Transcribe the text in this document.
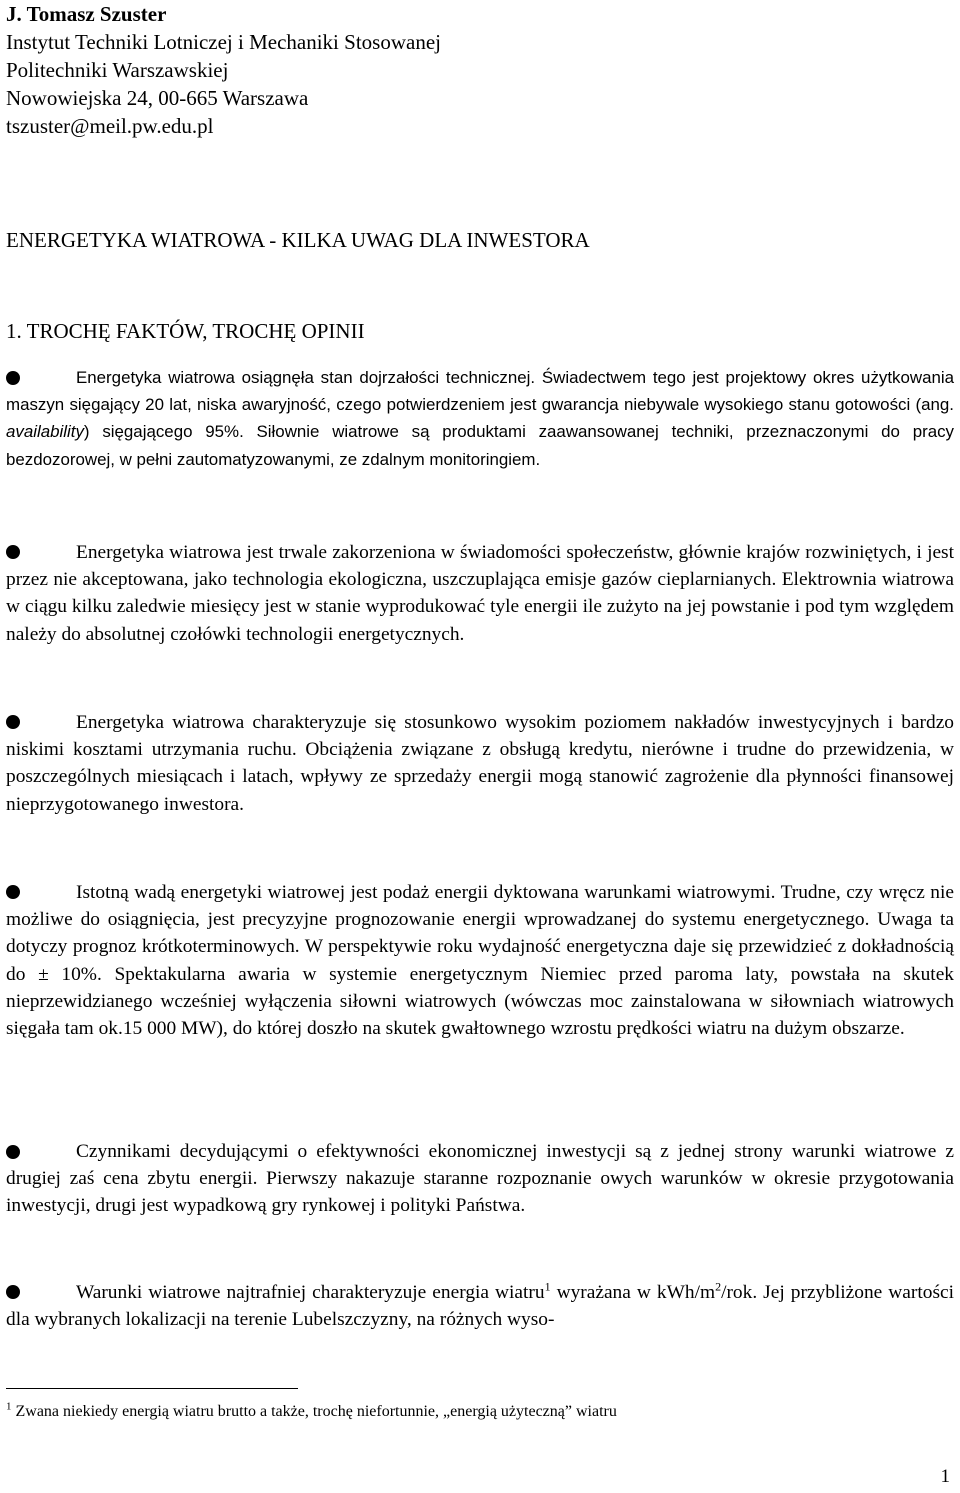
J. Tomasz Szuster
Instytut Techniki Lotniczej i Mechaniki Stosowanej
Politechniki Warszawskiej
Nowowiejska 24, 00-665 Warszawa
tszuster@meil.pw.edu.pl
ENERGETYKA WIATROWA - KILKA UWAG DLA INWESTORA
1. TROCHĘ FAKTÓW, TROCHĘ OPINII

Energetyka wiatrowa osiągnęła stan dojrzałości technicznej. Świadectwem tego jest projektowy okres użytkowania maszyn sięgający 20 lat, niska awaryjność, czego potwierdzeniem jest gwarancja niebywale wysokiego stanu gotowości (ang. availability) sięgającego 95%. Siłownie wiatrowe są produktami zaawansowanej techniki, przeznaczonymi do pracy bezdozorowej, w pełni zautomatyzowanymi, ze zdalnym monitoringiem.

Energetyka wiatrowa jest trwale zakorzeniona w świadomości społeczeństw, głównie krajów rozwiniętych, i jest przez nie akceptowana, jako technologia ekologiczna, uszczuplająca emisje gazów cieplarnianych. Elektrownia wiatrowa w ciągu kilku zaledwie miesięcy jest w stanie wyprodukować tyle energii ile zużyto na jej powstanie i pod tym względem należy do absolutnej czołówki technologii energetycznych.

Energetyka wiatrowa charakteryzuje się stosunkowo wysokim poziomem nakładów inwestycyjnych i bardzo niskimi kosztami utrzymania ruchu. Obciążenia związane z obsługą kredytu, nierówne i trudne do przewidzenia, w poszczególnych miesiącach i latach, wpływy ze sprzedaży energii mogą stanowić zagrożenie dla płynności finansowej nieprzygotowanego inwestora.

Istotną wadą energetyki wiatrowej jest podaż energii dyktowana warunkami wiatrowymi. Trudne, czy wręcz nie możliwe do osiągnięcia, jest precyzyjne prognozowanie energii wprowadzanej do systemu energetycznego. Uwaga ta dotyczy prognoz krótkoterminowych. W perspektywie roku wydajność energetyczna daje się przewidzieć z dokładnością do ± 10%. Spektakularna awaria w systemie energetycznym Niemiec przed paroma laty, powstała na skutek nieprzewidzianego wcześniej wyłączenia siłowni wiatrowych (wówczas moc zainstalowana w siłowniach wiatrowych sięgała tam ok.15 000 MW), do której doszło na skutek gwałtownego wzrostu prędkości wiatru na dużym obszarze.

Czynnikami decydującymi o efektywności ekonomicznej inwestycji są z jednej strony warunki wiatrowe z drugiej zaś cena zbytu energii. Pierwszy nakazuje staranne rozpoznanie owych warunków w okresie przygotowania inwestycji, drugi jest wypadkową gry rynkowej i polityki Państwa.

Warunki wiatrowe najtrafniej charakteryzuje energia wiatru$^1$ wyrażana w kWh/$m^2$/rok. Jej przybliżone wartości dla wybranych lokalizacji na terenie Lubelszczyzny, na różnych wyso-

$^1$ Zwana niekiedy energią wiatru brutto a także, trochę niefortunnie, „energią użyteczną” wiatru

1
